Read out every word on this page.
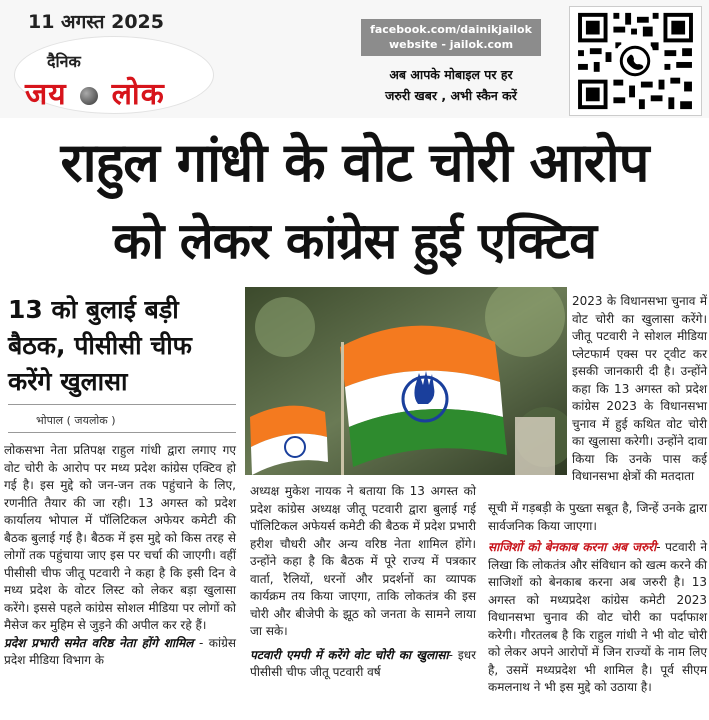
11 अगस्त 2025
दैनिक
जय लोक
facebook.com/dainikjailok
website - jailok.com
अब आपके मोबाइल पर हर
जरुरी खबर , अभी स्कैन करें
राहुल गांधी के वोट चोरी आरोप
को लेकर कांग्रेस हुई एक्टिव
13 को बुलाई बड़ी
बैठक, पीसीसी चीफ
करेंगे खुलासा
भोपाल ( जयलोक )

लोकसभा नेता प्रतिपक्ष राहुल गांधी द्वारा लगाए गए वोट चोरी के आरोप पर मध्य प्रदेश कांग्रेस एक्टिव हो गई है। इस मुद्दे को जन-जन तक पहुंचाने के लिए, रणनीति तैयार की जा रही। 13 अगस्त को प्रदेश कार्यालय भोपाल में पॉलिटिकल अफेयर कमेटी की बैठक बुलाई गई है। बैठक में इस मुद्दे को किस तरह से लोगों तक पहुंचाया जाए इस पर चर्चा की जाएगी। वहीं पीसीसी चीफ जीतू पटवारी ने कहा है कि इसी दिन वे मध्य प्रदेश के वोटर लिस्ट को लेकर बड़ा खुलासा करेंगे। इससे पहले कांग्रेस सोशल मीडिया पर लोगों को मैसेज कर मुहिम से जुड़ने की अपील कर रहे हैं।

प्रदेश प्रभारी समेत वरिष्ठ नेता होंगे शामिल - कांग्रेस प्रदेश मीडिया विभाग के

अध्यक्ष मुकेश नायक ने बताया कि 13 अगस्त को प्रदेश कांग्रेस अध्यक्ष जीतू पटवारी द्वारा बुलाई गई पॉलिटिकल अफेयर्स कमेटी की बैठक में प्रदेश प्रभारी हरीश चौधरी और अन्य वरिष्ठ नेता शामिल होंगे। उन्होंने कहा है कि बैठक में पूरे राज्य में पत्रकार वार्ता, रैलियों, धरनों और प्रदर्शनों का व्यापक कार्यक्रम तय किया जाएगा, ताकि लोकतंत्र की इस चोरी और बीजेपी के झूठ को जनता के सामने लाया जा सके।

पटवारी एमपी में करेंगे वोट चोरी का खुलासा- इधर पीसीसी चीफ जीतू पटवारी वर्ष

2023 के विधानसभा चुनाव में वोट चोरी का खुलासा करेंगे। जीतू पटवारी ने सोशल मीडिया प्लेटफार्म एक्स पर ट्वीट कर इसकी जानकारी दी है। उन्होंने कहा कि 13 अगस्त को प्रदेश कांग्रेस 2023 के विधानसभा चुनाव में हुई कथित वोट चोरी का खुलासा करेगी। उन्होंने दावा किया कि उनके पास कई विधानसभा क्षेत्रों की मतदाता

सूची में गड़बड़ी के पुख्ता सबूत है, जिन्हें उनके द्वारा सार्वजनिक किया जाएगा।

साजिशों को बेनकाब करना अब जरुरी- पटवारी ने लिखा कि लोकतंत्र और संविधान को खत्म करने की साजिशों को बेनकाब करना अब जरुरी है। 13 अगस्त को मध्यप्रदेश कांग्रेस कमेटी 2023 विधानसभा चुनाव की वोट चोरी का पर्दाफाश करेगी। गौरतलब है कि राहुल गांधी ने भी वोट चोरी को लेकर अपने आरोपों में जिन राज्यों के नाम लिए है, उसमें मध्यप्रदेश भी शामिल है। पूर्व सीएम कमलनाथ ने भी इस मुद्दे को उठाया है।
